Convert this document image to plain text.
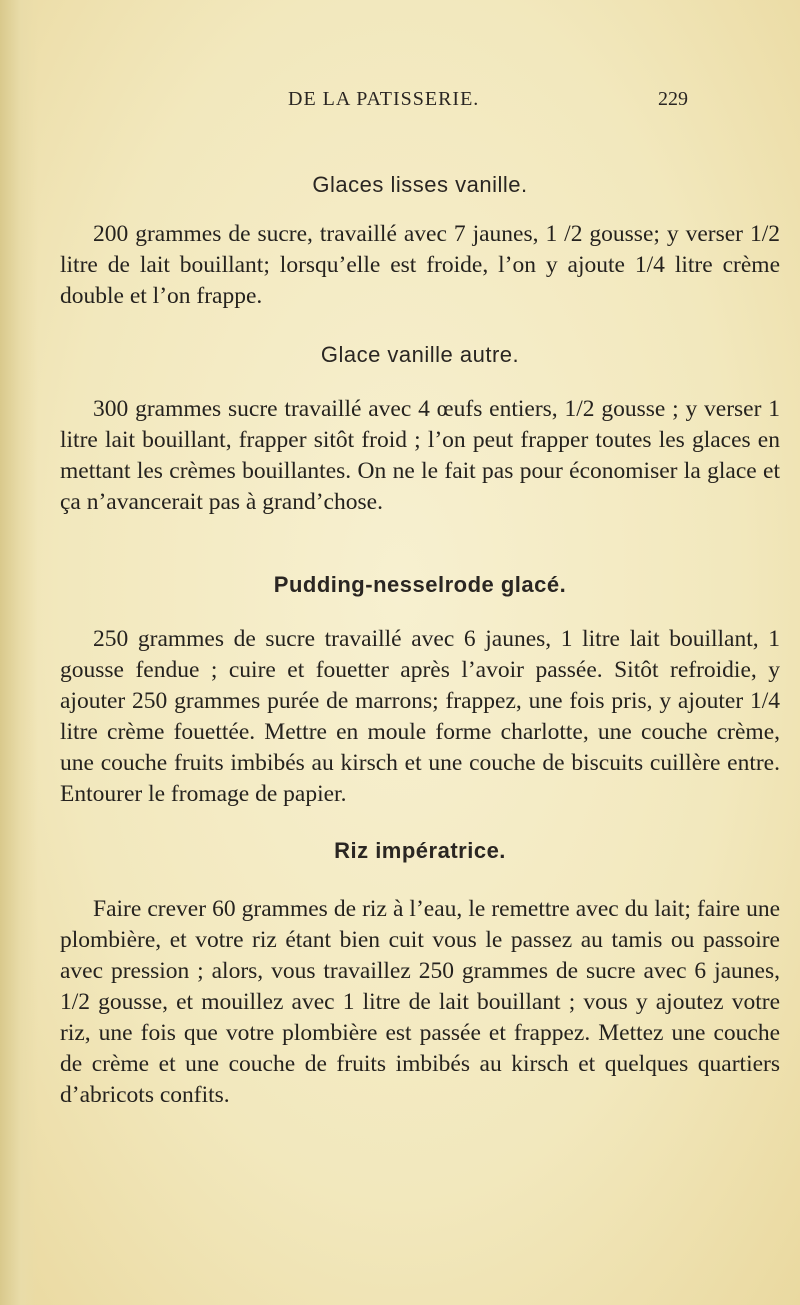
DE LA PATISSERIE.	229
Glaces lisses vanille.

200 grammes de sucre, travaillé avec 7 jaunes, 1 /2 gousse; y verser 1/2 litre de lait bouillant; lorsqu’elle est froide, l’on y ajoute 1/4 litre crème double et l’on frappe.

Glace vanille autre.

300 grammes sucre travaillé avec 4 œufs entiers, 1/2 gousse ; y verser 1 litre lait bouillant, frapper sitôt froid ; l’on peut frapper toutes les glaces en mettant les crèmes bouillantes. On ne le fait pas pour économiser la glace et ça n’avancerait pas à grand’chose.

Pudding-nesselrode glacé.

250 grammes de sucre travaillé avec 6 jaunes, 1 litre lait bouillant, 1 gousse fendue ; cuire et fouetter après l’avoir passée. Sitôt refroidie, y ajouter 250 grammes purée de marrons; frappez, une fois pris, y ajouter 1/4 litre crème fouettée. Mettre en moule forme charlotte, une couche crème, une couche fruits imbibés au kirsch et une couche de biscuits cuillère entre. Entourer le fromage de papier.

Riz impératrice.

Faire crever 60 grammes de riz à l’eau, le remettre avec du lait; faire une plombière, et votre riz étant bien cuit vous le passez au tamis ou passoire avec pression ; alors, vous travaillez 250 grammes de sucre avec 6 jaunes, 1/2 gousse, et mouillez avec 1 litre de lait bouillant ; vous y ajoutez votre riz, une fois que votre plombière est passée et frappez. Mettez une couche de crème et une couche de fruits imbibés au kirsch et quelques quartiers d’abricots confits.
